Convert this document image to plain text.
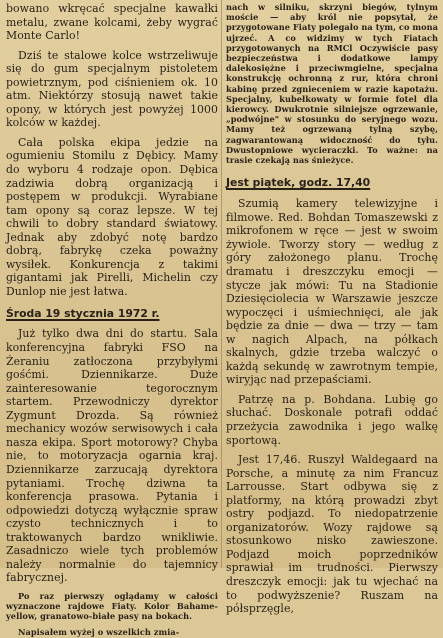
bowano wkręcać specjalne kawałki metalu, zwane kolcami, żeby wygrać Monte Carlo!

Dziś te stalowe kolce wstrzeliwuje się do gum specjalnym pistoletem powietrznym, pod ciśnieniem ok. 10 atm. Niektórzy stosują nawet takie opony, w których jest powyżej 1000 kolców w każdej.

Cała polska ekipa jedzie na ogumieniu Stomilu z Dębicy. Mamy do wyboru 4 rodzaje opon. Dębica zadziwia dobrą organizacją i postępem w produkcji. Wyrabiane tam opony są coraz lepsze. W tej chwili to dobry standard światowy. Jednak aby zdobyć notę bardzo dobrą, fabrykę czeka poważny wysiłek. Konkurencja z takimi gigantami jak Pirelli, Michelin czy Dunlop nie jest łatwa.

Środa 19 stycznia 1972 r.

Już tylko dwa dni do startu. Sala konferencyjna fabryki FSO na Żeraniu zatłoczona przybyłymi gośćmi. Dziennikarze. Duże zainteresowanie tegorocznym startem. Przewodniczy dyrektor Zygmunt Drozda. Są również mechanicy wozów serwisowych i cała nasza ekipa. Sport motorowy? Chyba nie, to motoryzacja ogarnia kraj. Dziennikarze zarzucają dyrektora pytaniami. Trochę dziwna ta konferencja prasowa. Pytania i odpowiedzi dotyczą wyłącznie spraw czysto technicznych i to traktowanych bardzo wnikliwie. Zasadniczo wiele tych problemów należy normalnie do tajemnicy fabrycznej.

Po raz pierwszy oglądamy w całości wyznaczone rajdowe Fiaty. Kolor Bahame-yellow, granatowo-białe pasy na bokach.

Napisałem wyżej o wszelkich zmia-

nach w silniku, skrzyni biegów, tylnym moście — aby król nie popsytał, że przygotowane Fiaty polegało na tym, co mona ujrzeć. A co widzimy w tych Fiatach przygotowanych na RMCl Oczywiście pasy bezpieczeństwa i dodatkowe lampy dalekosiężne i przeciwmgielne, specjalna konstrukcję ochronną z rur, która chroni kabinę przed zgnieceniem w razie kapotażu. Specjalny, kubełkowaty w formie fotel dla kierowcy. Dwukrotnie silniejsze ogrzewanie, „podwójne" w stosunku do seryjnego wozu. Mamy też ogrzewaną tylną szybę, zagwarantowaną widoczność do tyłu. Dwustopniowe wycieraczki. To ważne: na trasie czekają nas śnieżyce.

Jest piątek, godz. 17,40

Szumią kamery telewizyjne i filmowe. Red. Bohdan Tomaszewski z mikrofonem w ręce — jest w swoim żywiole. Tworzy story — według z góry założonego planu. Trochę dramatu i dreszczyku emocji — stycze jak mówi: Tu na Stadionie Dziesięciolecia w Warszawie jeszcze wypoczęci i uśmiechnięci, ale jak będzie za dnie — dwa — trzy — tam w nagich Alpach, na półkach skalnych, gdzie trzeba walczyć o każdą sekundę w zawrotnym tempie, wiryjąc nad przepaściami.

Patrzę na p. Bohdana. Lubię go słuchać. Doskonale potrafi oddać przeżycia zawodnika i jego walkę sportową.

Jest 17,46. Ruszył Waldegaard na Porsche, a minutę za nim Francuz Larrousse. Start odbywa się z platformy, na którą prowadzi zbyt ostry podjazd. To niedopatrzenie organizatorów. Wozy rajdowe są stosunkowo nisko zawieszone. Podjazd moich poprzedników sprawiał im trudności. Pierwszy dreszczyk emocji: jak tu wjechać na to podwyższenie? Ruszam na półsprzęgle,
